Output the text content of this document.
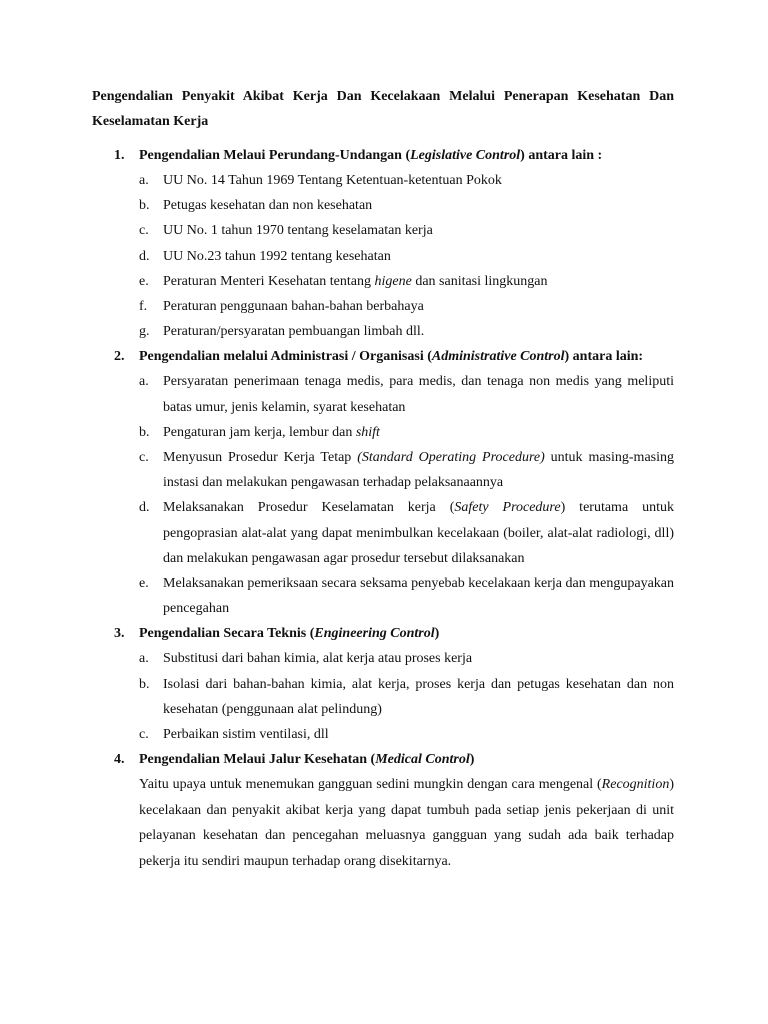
Pengendalian Penyakit Akibat Kerja Dan Kecelakaan Melalui Penerapan Kesehatan Dan Keselamatan Kerja
1. Pengendalian Melaui Perundang-Undangan (Legislative Control) antara lain :
a. UU No. 14 Tahun 1969 Tentang Ketentuan-ketentuan Pokok
b. Petugas kesehatan dan non kesehatan
c. UU No. 1 tahun 1970 tentang keselamatan kerja
d. UU No.23 tahun 1992 tentang kesehatan
e. Peraturan Menteri Kesehatan tentang higene dan sanitasi lingkungan
f. Peraturan penggunaan bahan-bahan berbahaya
g. Peraturan/persyaratan pembuangan limbah dll.
2. Pengendalian melalui Administrasi / Organisasi (Administrative Control) antara lain:
a. Persyaratan penerimaan tenaga medis, para medis, dan tenaga non medis yang meliputi batas umur, jenis kelamin, syarat kesehatan
b. Pengaturan jam kerja, lembur dan shift
c. Menyusun Prosedur Kerja Tetap (Standard Operating Procedure) untuk masing-masing instasi dan melakukan pengawasan terhadap pelaksanaannya
d. Melaksanakan Prosedur Keselamatan kerja (Safety Procedure) terutama untuk pengoprasian alat-alat yang dapat menimbulkan kecelakaan (boiler, alat-alat radiologi, dll) dan melakukan pengawasan agar prosedur tersebut dilaksanakan
e. Melaksanakan pemeriksaan secara seksama penyebab kecelakaan kerja dan mengupayakan pencegahan
3. Pengendalian Secara Teknis (Engineering Control)
a. Substitusi dari bahan kimia, alat kerja atau proses kerja
b. Isolasi dari bahan-bahan kimia, alat kerja, proses kerja dan petugas kesehatan dan non kesehatan (penggunaan alat pelindung)
c. Perbaikan sistim ventilasi, dll
4. Pengendalian Melaui Jalur Kesehatan (Medical Control)
Yaitu upaya untuk menemukan gangguan sedini mungkin dengan cara mengenal (Recognition) kecelakaan dan penyakit akibat kerja yang dapat tumbuh pada setiap jenis pekerjaan di unit pelayanan kesehatan dan pencegahan meluasnya gangguan yang sudah ada baik terhadap pekerja itu sendiri maupun terhadap orang disekitarnya.
